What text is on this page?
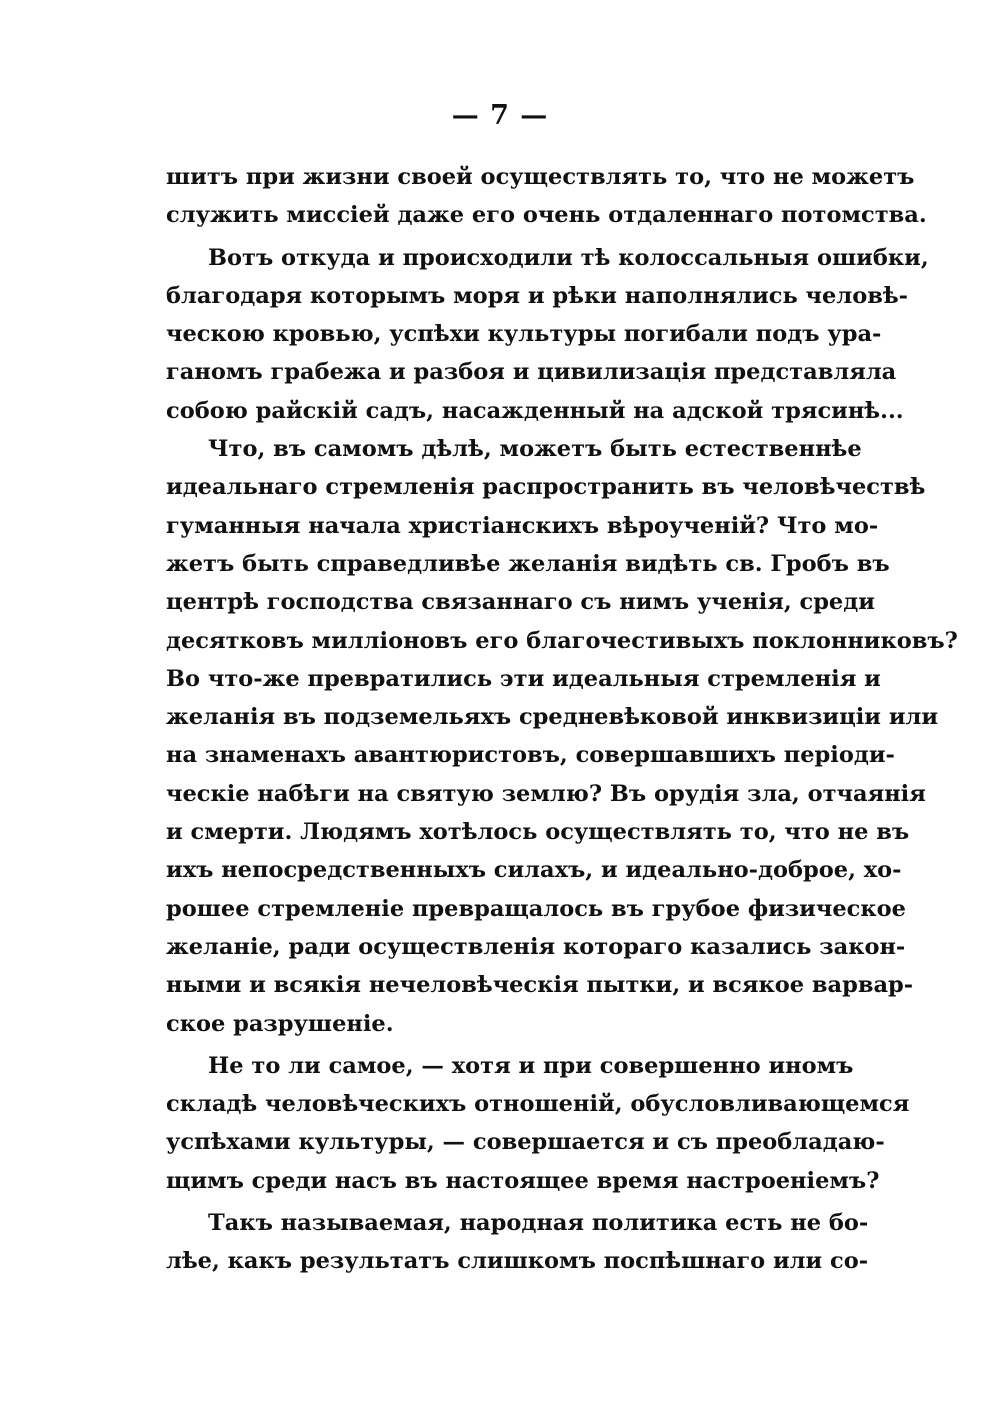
— 7 —
шитъ при жизни своей осуществлять то, что не можетъ
служить миссіей даже его очень отдаленнаго потомства.
Вотъ откуда и происходили тѣ колоссальныя ошибки,
благодаря которымъ моря и рѣки наполнялись человѣ-
ческою кровью, успѣхи культуры погибали подъ ура-
ганомъ грабежа и разбоя и цивилизація представляла
собою райскій садъ, насажденный на адской трясинѣ...
Что, въ самомъ дѣлѣ, можетъ быть естественнѣе
идеальнаго стремленія распространить въ человѣчествѣ
гуманныя начала христіанскихъ вѣроученій? Что мо-
жетъ быть справедливѣе желанія видѣть св. Гробъ въ
центрѣ господства связаннаго съ нимъ ученія, среди
десятковъ милліоновъ его благочестивыхъ поклонниковъ?
Во что-же превратились эти идеальныя стремленія и
желанія въ подземельяхъ средневѣковой инквизиціи или
на знаменахъ авантюристовъ, совершавшихъ періоди-
ческіе набѣги на святую землю? Въ орудія зла, отчаянія
и смерти. Людямъ хотѣлось осуществлять то, что не въ
ихъ непосредственныхъ силахъ, и идеально-доброе, хо-
рошее стремленіе превращалось въ грубое физическое
желаніе, ради осуществленія котораго казались закон-
ными и всякія нечеловѣческія пытки, и всякое варвар-
ское разрушеніе.
Не то ли самое, — хотя и при совершенно иномъ
складѣ человѣческихъ отношеній, обусловливающемся
успѣхами культуры, — совершается и съ преобладаю-
щимъ среди насъ въ настоящее время настроеніемъ?
Такъ называемая, народная политика есть не бо-
лѣе, какъ результатъ слишкомъ поспѣшнаго или со-
